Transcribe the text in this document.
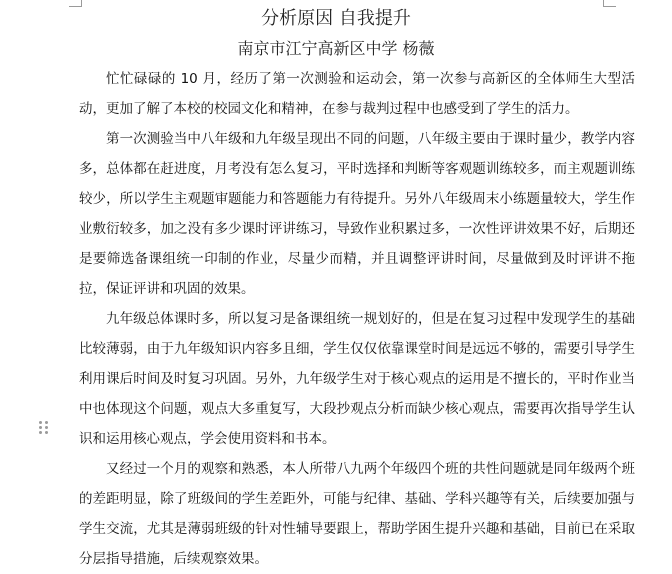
分析原因 自我提升
南京市江宁高新区中学 杨薇

忙忙碌碌的 10 月，经历了第一次测验和运动会，第一次参与高新区的全体师生大型活动，更加了解了本校的校园文化和精神，在参与裁判过程中也感受到了学生的活力。

第一次测验当中八年级和九年级呈现出不同的问题，八年级主要由于课时量少，教学内容多，总体都在赶进度，月考没有怎么复习，平时选择和判断等客观题训练较多，而主观题训练较少，所以学生主观题审题能力和答题能力有待提升。另外八年级周末小练题量较大，学生作业敷衍较多，加之没有多少课时评讲练习，导致作业积累过多，一次性评讲效果不好，后期还是要筛选备课组统一印制的作业，尽量少而精，并且调整评讲时间，尽量做到及时评讲不拖拉，保证评讲和巩固的效果。

九年级总体课时多，所以复习是备课组统一规划好的，但是在复习过程中发现学生的基础比较薄弱，由于九年级知识内容多且细，学生仅仅依靠课堂时间是远远不够的，需要引导学生利用课后时间及时复习巩固。另外，九年级学生对于核心观点的运用是不擅长的，平时作业当中也体现这个问题，观点大多重复写，大段抄观点分析而缺少核心观点，需要再次指导学生认识和运用核心观点，学会使用资料和书本。

又经过一个月的观察和熟悉，本人所带八九两个年级四个班的共性问题就是同年级两个班的差距明显，除了班级间的学生差距外，可能与纪律、基础、学科兴趣等有关，后续要加强与学生交流，尤其是薄弱班级的针对性辅导要跟上，帮助学困生提升兴趣和基础，目前已在采取分层指导措施，后续观察效果。
